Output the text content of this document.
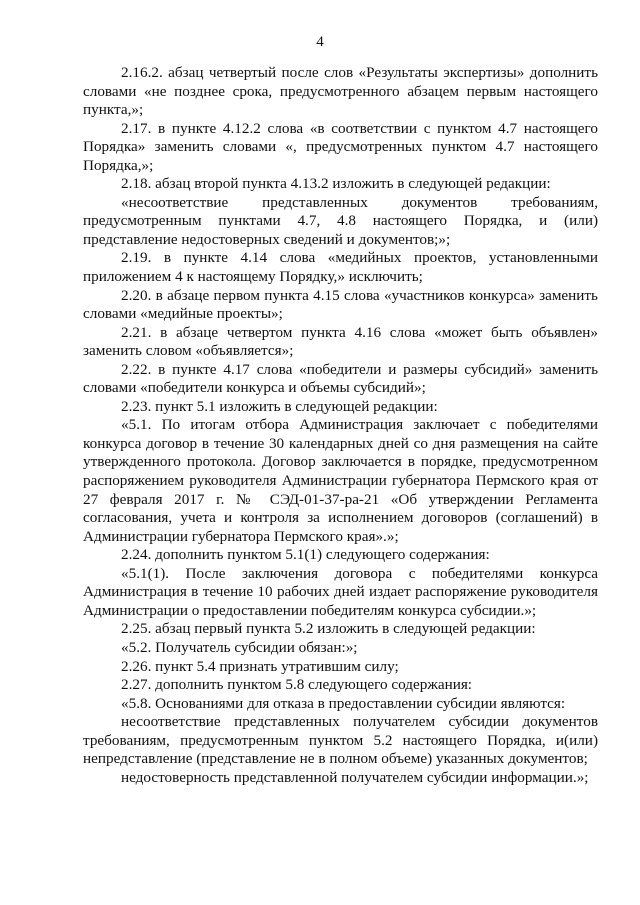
4

2.16.2. абзац четвертый после слов «Результаты экспертизы» дополнить словами «не позднее срока, предусмотренного абзацем первым настоящего пункта,»;

2.17. в пункте 4.12.2 слова «в соответствии с пунктом 4.7 настоящего Порядка» заменить словами «, предусмотренных пунктом 4.7 настоящего Порядка,»;

2.18. абзац второй пункта 4.13.2 изложить в следующей редакции:

«несоответствие представленных документов требованиям, предусмотренным пунктами 4.7, 4.8 настоящего Порядка, и (или) представление недостоверных сведений и документов;»;

2.19. в пункте 4.14 слова «медийных проектов, установленными приложением 4 к настоящему Порядку,» исключить;

2.20. в абзаце первом пункта 4.15 слова «участников конкурса» заменить словами «медийные проекты»;

2.21. в абзаце четвертом пункта 4.16 слова «может быть объявлен» заменить словом «объявляется»;

2.22. в пункте 4.17 слова «победители и размеры субсидий» заменить словами «победители конкурса и объемы субсидий»;

2.23. пункт 5.1 изложить в следующей редакции:

«5.1. По итогам отбора Администрация заключает с победителями конкурса договор в течение 30 календарных дней со дня размещения на сайте утвержденного протокола. Договор заключается в порядке, предусмотренном распоряжением руководителя Администрации губернатора Пермского края от 27 февраля 2017 г. № СЭД-01-37-ра-21 «Об утверждении Регламента согласования, учета и контроля за исполнением договоров (соглашений) в Администрации губернатора Пермского края».»;

2.24. дополнить пунктом 5.1(1) следующего содержания:

«5.1(1). После заключения договора с победителями конкурса Администрация в течение 10 рабочих дней издает распоряжение руководителя Администрации о предоставлении победителям конкурса субсидии.»;

2.25. абзац первый пункта 5.2 изложить в следующей редакции:

«5.2. Получатель субсидии обязан:»;

2.26. пункт 5.4 признать утратившим силу;

2.27. дополнить пунктом 5.8 следующего содержания:

«5.8. Основаниями для отказа в предоставлении субсидии являются:

несоответствие представленных получателем субсидии документов требованиям, предусмотренным пунктом 5.2 настоящего Порядка, и(или) непредставление (представление не в полном объеме) указанных документов;

недостоверность представленной получателем субсидии информации.»;
